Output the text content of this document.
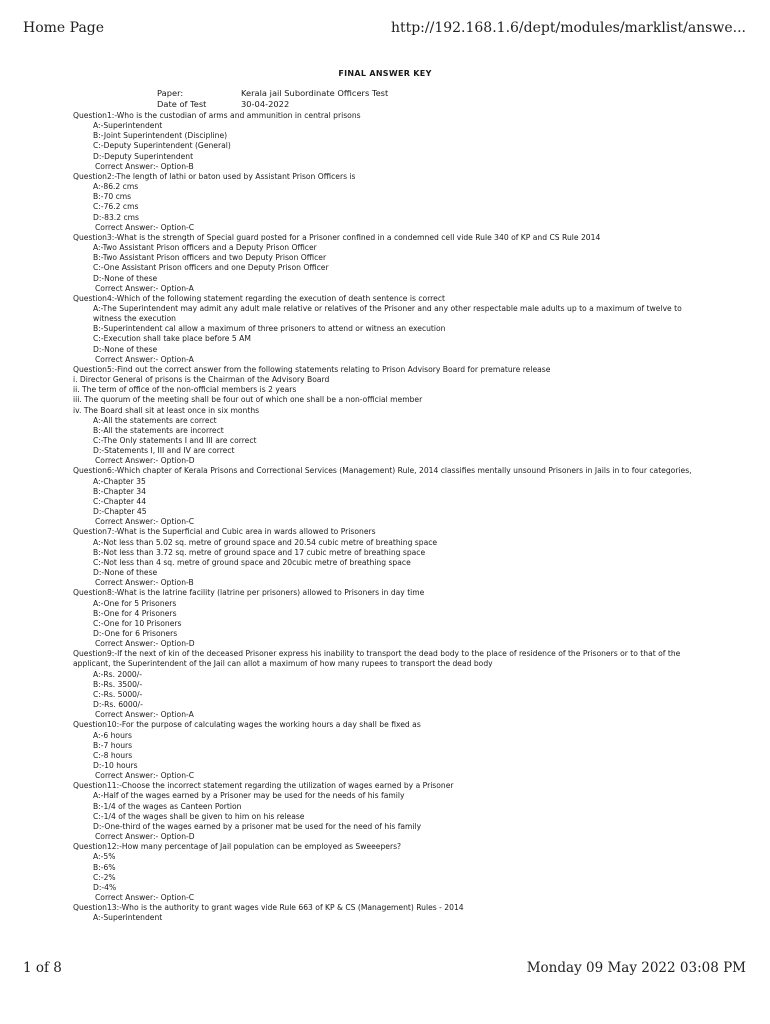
Home Page	http://192.168.1.6/dept/modules/marklist/answe...
FINAL ANSWER KEY
Paper:	Kerala jail Subordinate Officers Test
Date of Test	30-04-2022
Question1:-Who is the custodian of arms and ammunition in central prisons
A:-Superintendent
B:-Joint Superintendent (Discipline)
C:-Deputy Superintendent (General)
D:-Deputy Superintendent
Correct Answer:- Option-B
Question2:-The length of lathi or baton used by Assistant Prison Officers is
A:-86.2 cms
B:-70 cms
C:-76.2 cms
D:-83.2 cms
Correct Answer:- Option-C
Question3:-What is the strength of Special guard posted for a Prisoner confined in a condemned cell vide Rule 340 of KP and CS Rule 2014
A:-Two Assistant Prison officers and a Deputy Prison Officer
B:-Two Assistant Prison officers and two Deputy Prison Officer
C:-One Assistant Prison officers and one Deputy Prison Officer
D:-None of these
Correct Answer:- Option-A
Question4:-Which of the following statement regarding the execution of death sentence is correct
A:-The Superintendent may admit any adult male relative or relatives of the Prisoner and any other respectable male adults up to a maximum of twelve to witness the execution
B:-Superintendent cal allow a maximum of three prisoners to attend or witness an execution
C:-Execution shall take place before 5 AM
D:-None of these
Correct Answer:- Option-A
Question5:-Find out the correct answer from the following statements relating to Prison Advisory Board for premature release
i. Director General of prisons is the Chairman of the Advisory Board
ii. The term of office of the non-official members is 2 years
iii. The quorum of the meeting shall be four out of which one shall be a non-official member
iv. The Board shall sit at least once in six months
A:-All the statements are correct
B:-All the statements are incorrect
C:-The Only statements I and III are correct
D:-Statements I, III and IV are correct
Correct Answer:- Option-D
Question6:-Which chapter of Kerala Prisons and Correctional Services (Management) Rule, 2014 classifies mentally unsound Prisoners in Jails in to four categories,
A:-Chapter 35
B:-Chapter 34
C:-Chapter 44
D:-Chapter 45
Correct Answer:- Option-C
Question7:-What is the Superficial and Cubic area in wards allowed to Prisoners
A:-Not less than 5.02 sq. metre of ground space and 20.54 cubic metre of breathing space
B:-Not less than 3.72 sq. metre of ground space and 17 cubic metre of breathing space
C:-Not less than 4 sq. metre of ground space and 20cubic metre of breathing space
D:-None of these
Correct Answer:- Option-B
Question8:-What is the latrine facility (latrine per prisoners) allowed to Prisoners in day time
A:-One for 5 Prisoners
B:-One for 4 Prisoners
C:-One for 10 Prisoners
D:-One for 6 Prisoners
Correct Answer:- Option-D
Question9:-If the next of kin of the deceased Prisoner express his inability to transport the dead body to the place of residence of the Prisoners or to that of the applicant, the Superintendent of the Jail can allot a maximum of how many rupees to transport the dead body
A:-Rs. 2000/-
B:-Rs. 3500/-
C:-Rs. 5000/-
D:-Rs. 6000/-
Correct Answer:- Option-A
Question10:-For the purpose of calculating wages the working hours a day shall be fixed as
A:-6 hours
B:-7 hours
C:-8 hours
D:-10 hours
Correct Answer:- Option-C
Question11:-Choose the incorrect statement regarding the utilization of wages earned by a Prisoner
A:-Half of the wages earned by a Prisoner may be used for the needs of his family
B:-1/4 of the wages as Canteen Portion
C:-1/4 of the wages shall be given to him on his release
D:-One-third of the wages earned by a prisoner mat be used for the need of his family
Correct Answer:- Option-D
Question12:-How many percentage of Jail population can be employed as Sweeepers?
A:-5%
B:-6%
C:-2%
D:-4%
Correct Answer:- Option-C
Question13:-Who is the authority to grant wages vide Rule 663 of KP & CS (Management) Rules - 2014
A:-Superintendent
1 of 8	Monday 09 May 2022 03:08 PM
